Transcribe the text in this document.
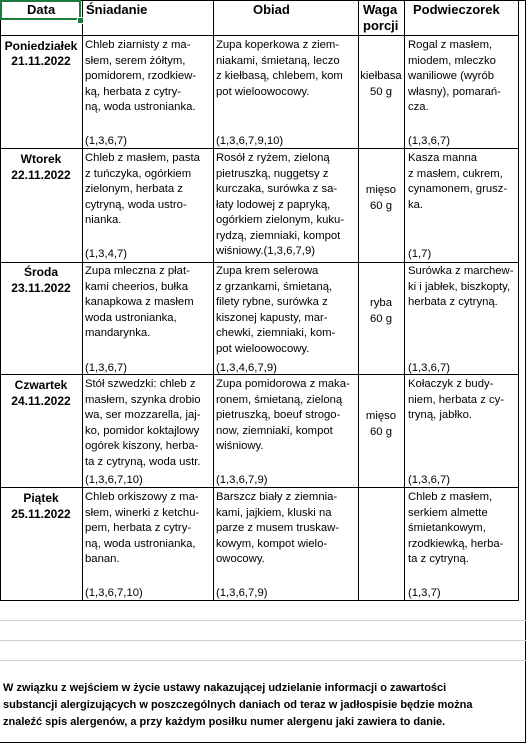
Data Śniadanie	Obiad	Waga
porcji
Podwieczorek
Poniedziałek
21.11.2022
Chleb ziarnisty z ma-
słem, serem żółtym,
pomidorem, rzodkiew-
ką, herbata z cytry-
ną, woda ustronianka.
(1,3,6,7)
Zupa koperkowa z ziem-
niakami, śmietaną, leczo
z kiełbasą, chlebem, kom
pot wieloowocowy.
(1,3,6,7,9,10)
kiełbasa
50 g
Rogal z masłem,
miodem, mleczko
waniliowe (wyrób
własny), pomarań-
cza.
(1,3,6,7)
Wtorek
22.11.2022
Chleb z masłem, pasta
z tuńczyka, ogórkiem
zielonym, herbata z
cytryną, woda ustro-
nianka.
(1,3,4,7)
Rosół z ryżem, zieloną
pietruszką, nuggetsy z
kurczaka, surówka z sa-
łaty lodowej z papryką,
ogórkiem zielonym, kuku-
rydzą, ziemniaki, kompot
wiśniowy.(1,3,6,7,9)
mięso
60 g
Kasza manna
z masłem, cukrem,
cynamonem, grusz-
ka.
(1,7)
Środa
23.11.2022
Zupa mleczna z płat-
kami cheerios, bułka
kanapkowa z masłem
woda ustronianka,
mandarynka.
(1,3,6,7)
Zupa krem selerowa
z grzankami, śmietaną,
filety rybne, surówka z
kiszonej kapusty, mar-
chewki, ziemniaki, kom-
pot wieloowocowy.
(1,3,4,6,7,9)
ryba
60 g
Surówka z marchew-
ki i jabłek, biszkopty,
herbata z cytryną.
(1,3,6,7)
Czwartek
24.11.2022
Stół szwedzki: chleb z
masłem, szynka drobio
wa, ser mozzarella, jaj-
ko, pomidor koktajlowy
ogórek kiszony, herba-
ta z cytryną, woda ustr.
(1,3,6,7,10)
Zupa pomidorowa z maka-
ronem, śmietaną, zieloną
pietruszką, boeuf strogo-
now, ziemniaki, kompot
wiśniowy.
(1,3,6,7,9)
mięso
60 g
Kołaczyk z budy-
niem, herbata z cy-
tryną, jabłko.
(1,3,6,7)
Piątek
25.11.2022
Chleb orkiszowy z ma-
słem, winerki z ketchu-
pem, herbata z cytry-
ną, woda ustronianka,
banan.
(1,3,6,7,10)
Barszcz biały z ziemnia-
kami, jajkiem, kluski na
parze z musem truskaw-
kowym, kompot wielo-
owocowy.
(1,3,6,7,9)
Chleb z masłem,
serkiem almette
śmietankowym,
rzodkiewką, herba-
ta z cytryną.
(1,3,7)
W związku z wejściem w życie ustawy nakazującej udzielanie informacji o zawartości
substancji alergizujących w poszczególnych daniach od teraz w jadłospisie będzie można
znaleźć spis alergenów, a przy każdym posiłku numer alergenu jaki zawiera to danie.
